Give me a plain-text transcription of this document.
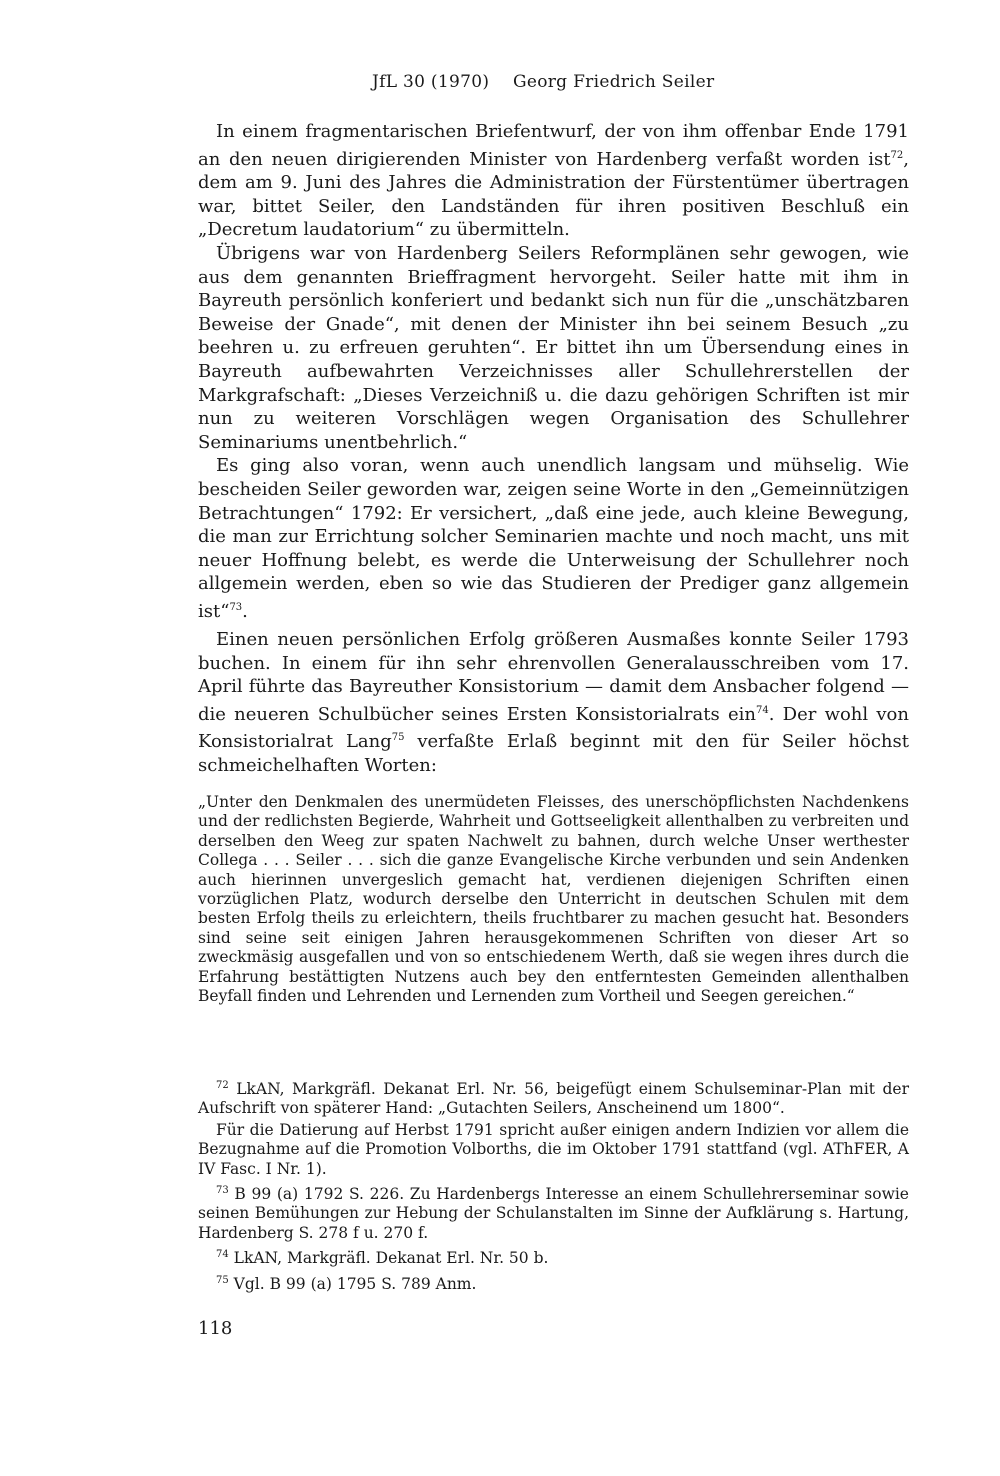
JfL 30 (1970) Georg Friedrich Seiler

In einem fragmentarischen Briefentwurf, der von ihm offenbar Ende 1791 an den neuen dirigierenden Minister von Hardenberg verfaßt worden ist$^{72}$, dem am 9. Juni des Jahres die Administration der Fürstentümer übertragen war, bittet Seiler, den Landständen für ihren positiven Beschluß ein „Decretum laudatorium“ zu übermitteln.

Übrigens war von Hardenberg Seilers Reformplänen sehr gewogen, wie aus dem genannten Brieffragment hervorgeht. Seiler hatte mit ihm in Bayreuth persönlich konferiert und bedankt sich nun für die „unschätzbaren Beweise der Gnade“, mit denen der Minister ihn bei seinem Besuch „zu beehren u. zu erfreuen geruhten“. Er bittet ihn um Übersendung eines in Bayreuth aufbewahrten Verzeichnisses aller Schullehrerstellen der Markgrafschaft: „Dieses Verzeichniß u. die dazu gehörigen Schriften ist mir nun zu weiteren Vorschlägen wegen Organisation des Schullehrer Seminariums unentbehrlich.“

Es ging also voran, wenn auch unendlich langsam und mühselig. Wie bescheiden Seiler geworden war, zeigen seine Worte in den „Gemeinnützigen Betrachtungen“ 1792: Er versichert, „daß eine jede, auch kleine Bewegung, die man zur Errichtung solcher Seminarien machte und noch macht, uns mit neuer Hoffnung belebt, es werde die Unterweisung der Schullehrer noch allgemein werden, eben so wie das Studieren der Prediger ganz allgemein ist“$^{73}$.

Einen neuen persönlichen Erfolg größeren Ausmaßes konnte Seiler 1793 buchen. In einem für ihn sehr ehrenvollen Generalausschreiben vom 17. April führte das Bayreuther Konsistorium — damit dem Ansbacher folgend — die neueren Schulbücher seines Ersten Konsistorialrats ein$^{74}$. Der wohl von Konsistorialrat Lang$^{75}$ verfaßte Erlaß beginnt mit den für Seiler höchst schmeichelhaften Worten:

„Unter den Denkmalen des unermüdeten Fleisses, des unerschöpflichsten Nachdenkens und der redlichsten Begierde, Wahrheit und Gottseeligkeit allenthalben zu verbreiten und derselben den Weeg zur spaten Nachwelt zu bahnen, durch welche Unser werthester Collega . . . Seiler . . . sich die ganze Evangelische Kirche verbunden und sein Andenken auch hierinnen unvergeslich gemacht hat, verdienen diejenigen Schriften einen vorzüglichen Platz, wodurch derselbe den Unterricht in deutschen Schulen mit dem besten Erfolg theils zu erleichtern, theils fruchtbarer zu machen gesucht hat. Besonders sind seine seit einigen Jahren herausgekommenen Schriften von dieser Art so zweckmäsig ausgefallen und von so entschiedenem Werth, daß sie wegen ihres durch die Erfahrung bestättigten Nutzens auch bey den entferntesten Gemeinden allenthalben Beyfall finden und Lehrenden und Lernenden zum Vortheil und Seegen gereichen.“

$^{72}$ LkAN, Markgräfl. Dekanat Erl. Nr. 56, beigefügt einem Schulseminar-Plan mit der Aufschrift von späterer Hand: „Gutachten Seilers, Anscheinend um 1800“.

Für die Datierung auf Herbst 1791 spricht außer einigen andern Indizien vor allem die Bezugnahme auf die Promotion Volborths, die im Oktober 1791 stattfand (vgl. AThFER, A IV Fasc. I Nr. 1).

$^{73}$ B 99 (a) 1792 S. 226. Zu Hardenbergs Interesse an einem Schullehrerseminar sowie seinen Bemühungen zur Hebung der Schulanstalten im Sinne der Aufklärung s. Hartung, Hardenberg S. 278 f u. 270 f.

$^{74}$ LkAN, Markgräfl. Dekanat Erl. Nr. 50 b.

$^{75}$ Vgl. B 99 (a) 1795 S. 789 Anm.

118
